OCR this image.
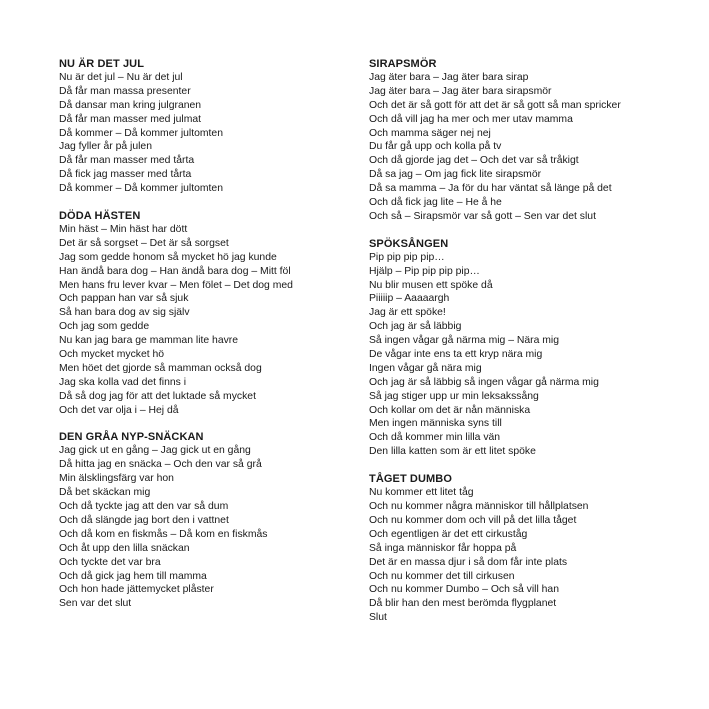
NU ÄR DET JUL
Nu är det jul – Nu är det jul
Då får man massa presenter
Då dansar man kring julgranen
Då får man masser med julmat
Då kommer – Då kommer jultomten
Jag fyller år på julen
Då får man masser med tårta
Då fick jag masser med tårta
Då kommer – Då kommer jultomten
DÖDA HÄSTEN
Min häst – Min häst har dött
Det är så sorgset – Det är så sorgset
Jag som gedde honom så mycket hö jag kunde
Han ändå bara dog – Han ändå bara dog – Mitt föl
Men hans fru lever kvar – Men fölet – Det dog med
Och pappan han var så sjuk
Så han bara dog av sig själv
Och jag som gedde
Nu kan jag bara ge mamman lite havre
Och mycket mycket hö
Men höet det gjorde så mamman också dog
Jag ska kolla vad det finns i
Då så dog jag för att det luktade så mycket
Och det var olja i – Hej då
DEN GRÅA NYP-SNÄCKAN
Jag gick ut en gång – Jag gick ut en gång
Då hitta jag en snäcka – Och den var så grå
Min älsklingsfärg var hon
Då bet skäckan mig
Och då tyckte jag att den var så dum
Och då slängde jag bort den i vattnet
Och då kom en fiskmås – Då kom en fiskmås
Och åt upp den lilla snäckan
Och tyckte det var bra
Och då gick jag hem till mamma
Och hon hade jättemycket plåster
Sen var det slut
SIRAPSMÖR
Jag äter bara – Jag äter bara sirap
Jag äter bara – Jag äter bara sirapsmör
Och det är så gott för att det är så gott så man spricker
Och då vill jag ha mer och mer utav mamma
Och mamma säger nej nej
Du får gå upp och kolla på tv
Och då gjorde jag det – Och det var så tråkigt
Då sa jag – Om jag fick lite sirapsmör
Då sa mamma – Ja för du har väntat så länge på det
Och då fick jag lite – He å he
Och så – Sirapsmör var så gott – Sen var det slut
SPÖKSÅNGEN
Pip pip pip pip…
Hjälp – Pip pip pip pip…
Nu blir musen ett spöke då
Piiiiip – Aaaaargh
Jag är ett spöke!
Och jag är så läbbig
Så ingen vågar gå närma mig – Nära mig
De vågar inte ens ta ett kryp nära mig
Ingen vågar gå nära mig
Och jag är så läbbig så ingen vågar gå närma mig
Så jag stiger upp ur min leksakssång
Och kollar om det är nån människa
Men ingen människa syns till
Och då kommer min lilla vän
Den lilla katten som är ett litet spöke
TÅGET DUMBO
Nu kommer ett litet tåg
Och nu kommer några människor till hållplatsen
Och nu kommer dom och vill på det lilla tåget
Och egentligen är det ett cirkuståg
Så inga människor får hoppa på
Det är en massa djur i så dom får inte plats
Och nu kommer det till cirkusen
Och nu kommer Dumbo – Och så vill han
Då blir han den mest berömda flygplanet
Slut
